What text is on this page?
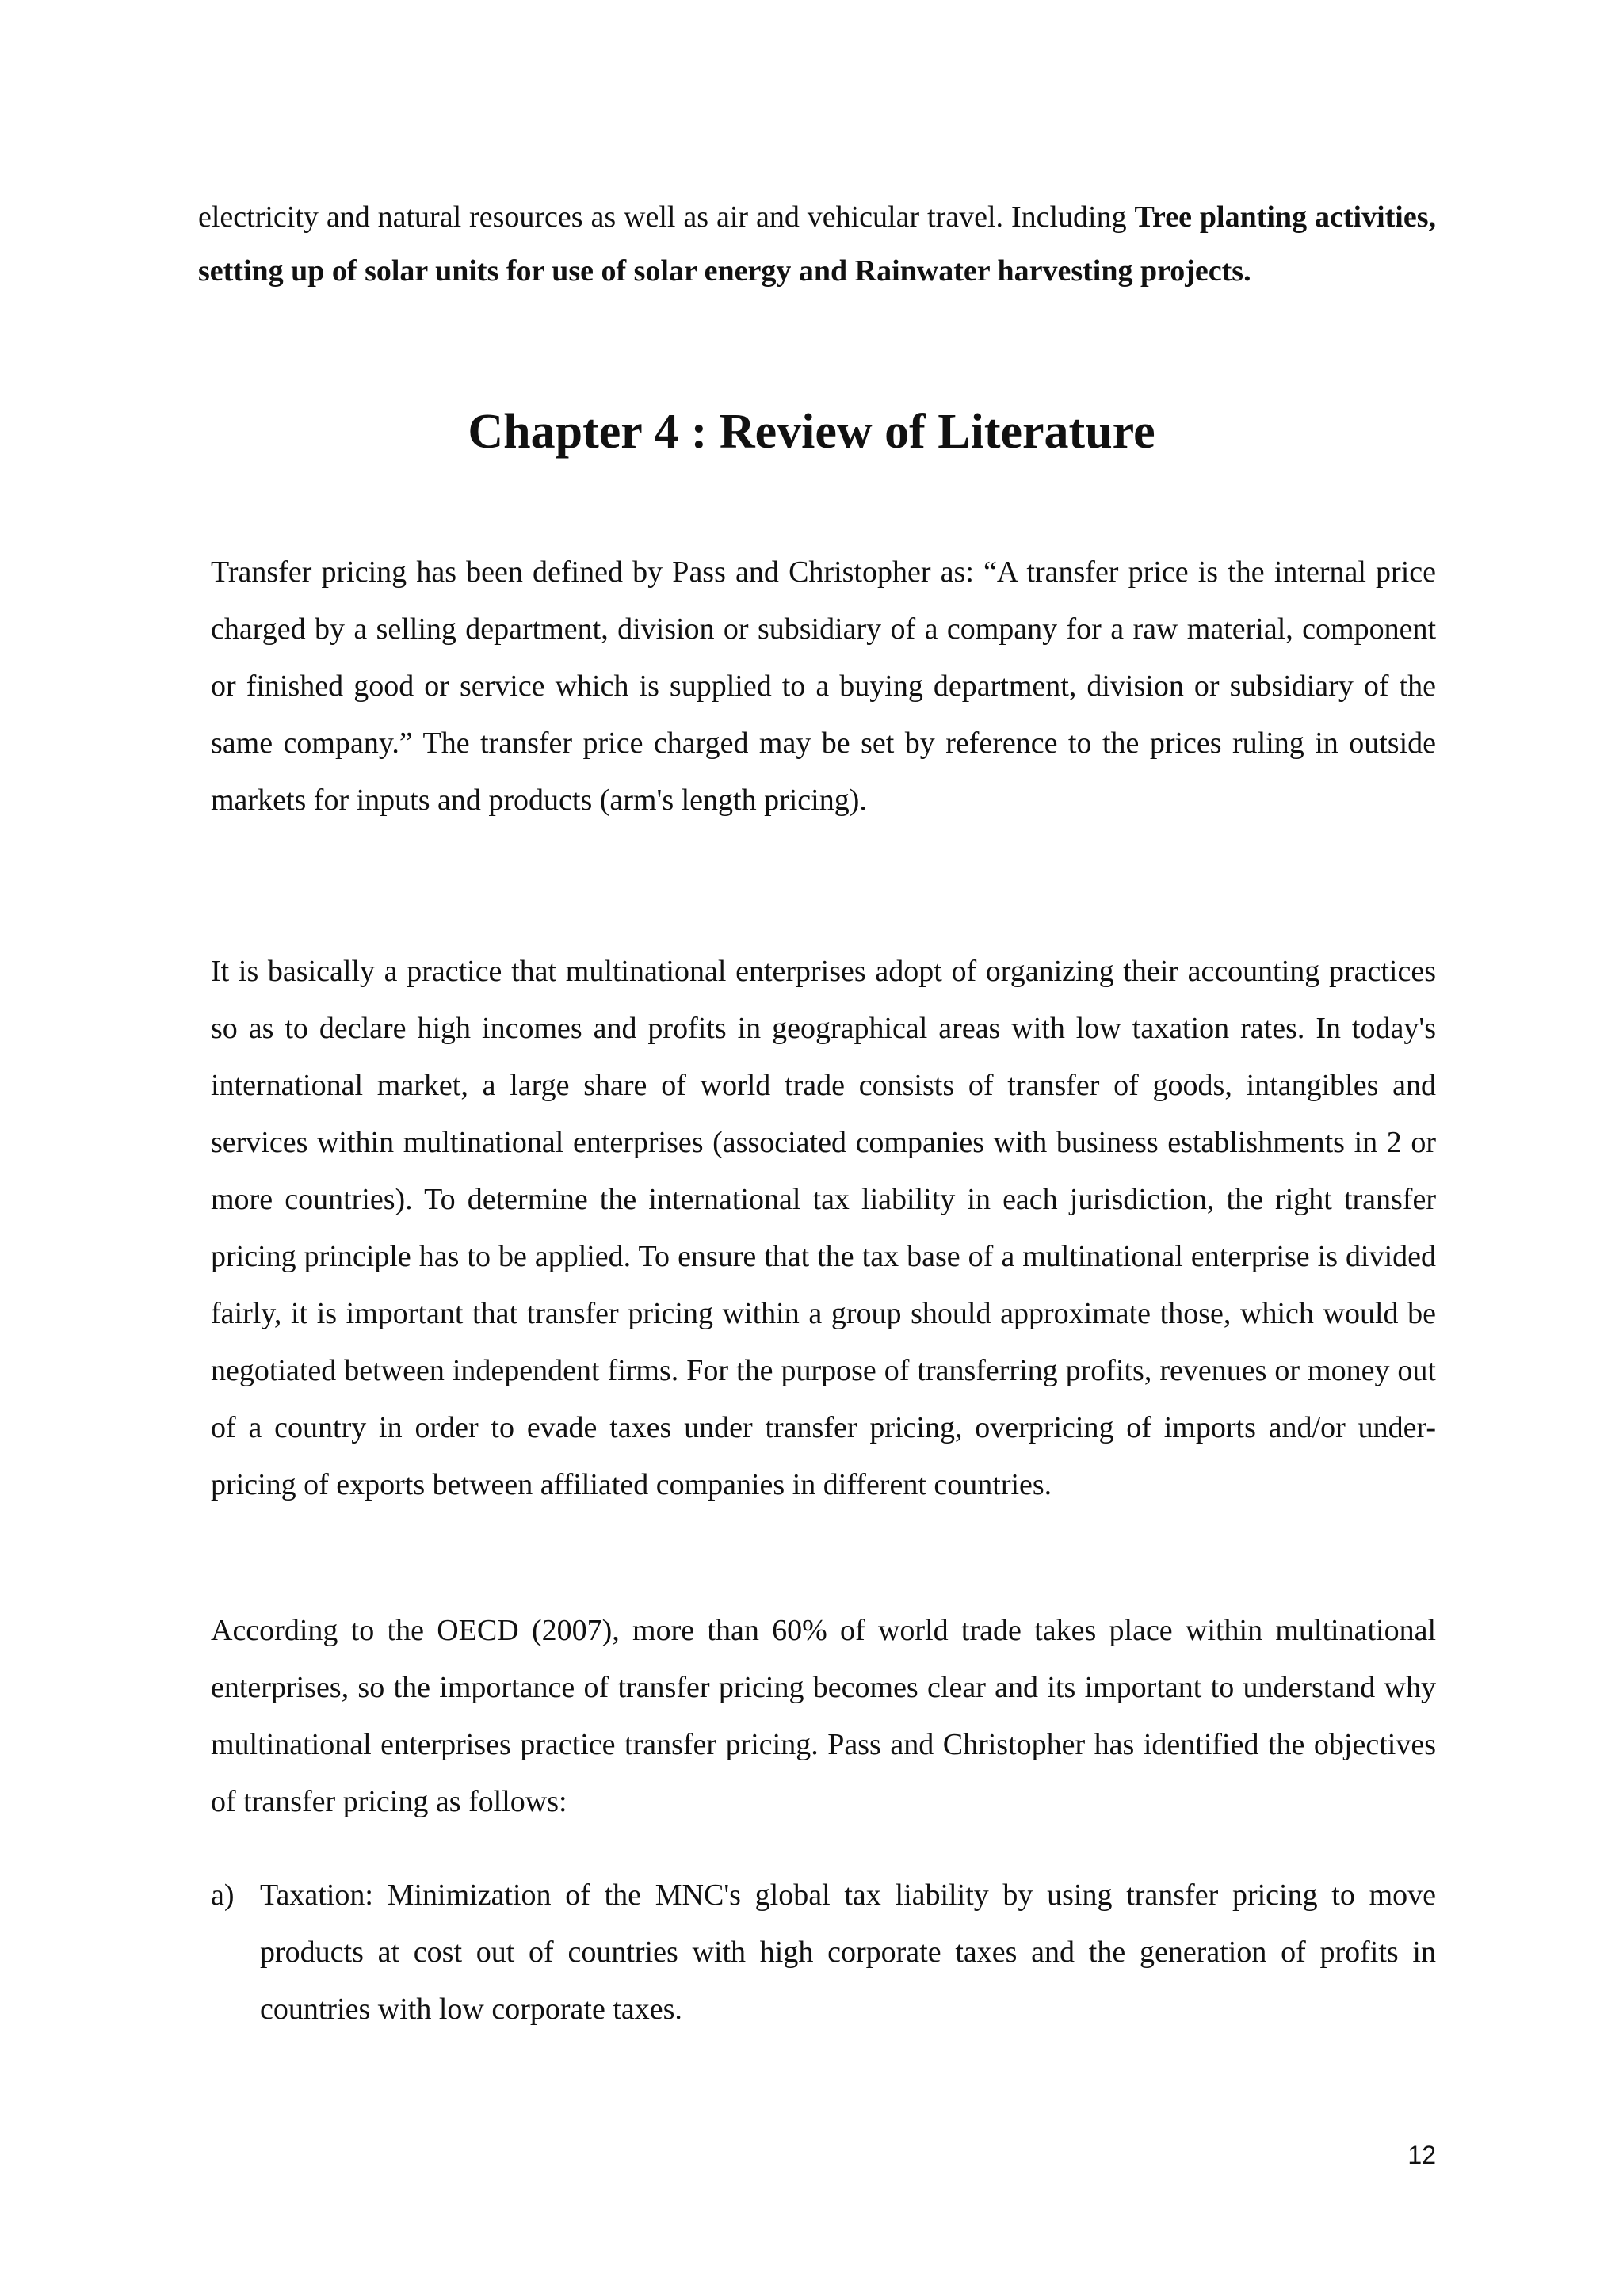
electricity and natural resources as well as air and vehicular travel. Including Tree planting activities, setting up of solar units for use of solar energy and Rainwater harvesting projects.

Chapter 4 : Review of Literature

Transfer pricing has been defined by Pass and Christopher as: “A transfer price is the internal price charged by a selling department, division or subsidiary of a company for a raw material, component or finished good or service which is supplied to a buying department, division or subsidiary of the same company.” The transfer price charged may be set by reference to the prices ruling in outside markets for inputs and products (arm's length pricing).

It is basically a practice that multinational enterprises adopt of organizing their accounting practices so as to declare high incomes and profits in geographical areas with low taxation rates. In today's international market, a large share of world trade consists of transfer of goods, intangibles and services within multinational enterprises (associated companies with business establishments in 2 or more countries). To determine the international tax liability in each jurisdiction, the right transfer pricing principle has to be applied. To ensure that the tax base of a multinational enterprise is divided fairly, it is important that transfer pricing within a group should approximate those, which would be negotiated between independent firms. For the purpose of transferring profits, revenues or money out of a country in order to evade taxes under transfer pricing, overpricing of imports and/or under-pricing of exports between affiliated companies in different countries.

According to the OECD (2007), more than 60% of world trade takes place within multinational enterprises, so the importance of transfer pricing becomes clear and its important to understand why multinational enterprises practice transfer pricing. Pass and Christopher has identified the objectives of transfer pricing as follows:

a) Taxation: Minimization of the MNC's global tax liability by using transfer pricing to move products at cost out of countries with high corporate taxes and the generation of profits in countries with low corporate taxes.

12
